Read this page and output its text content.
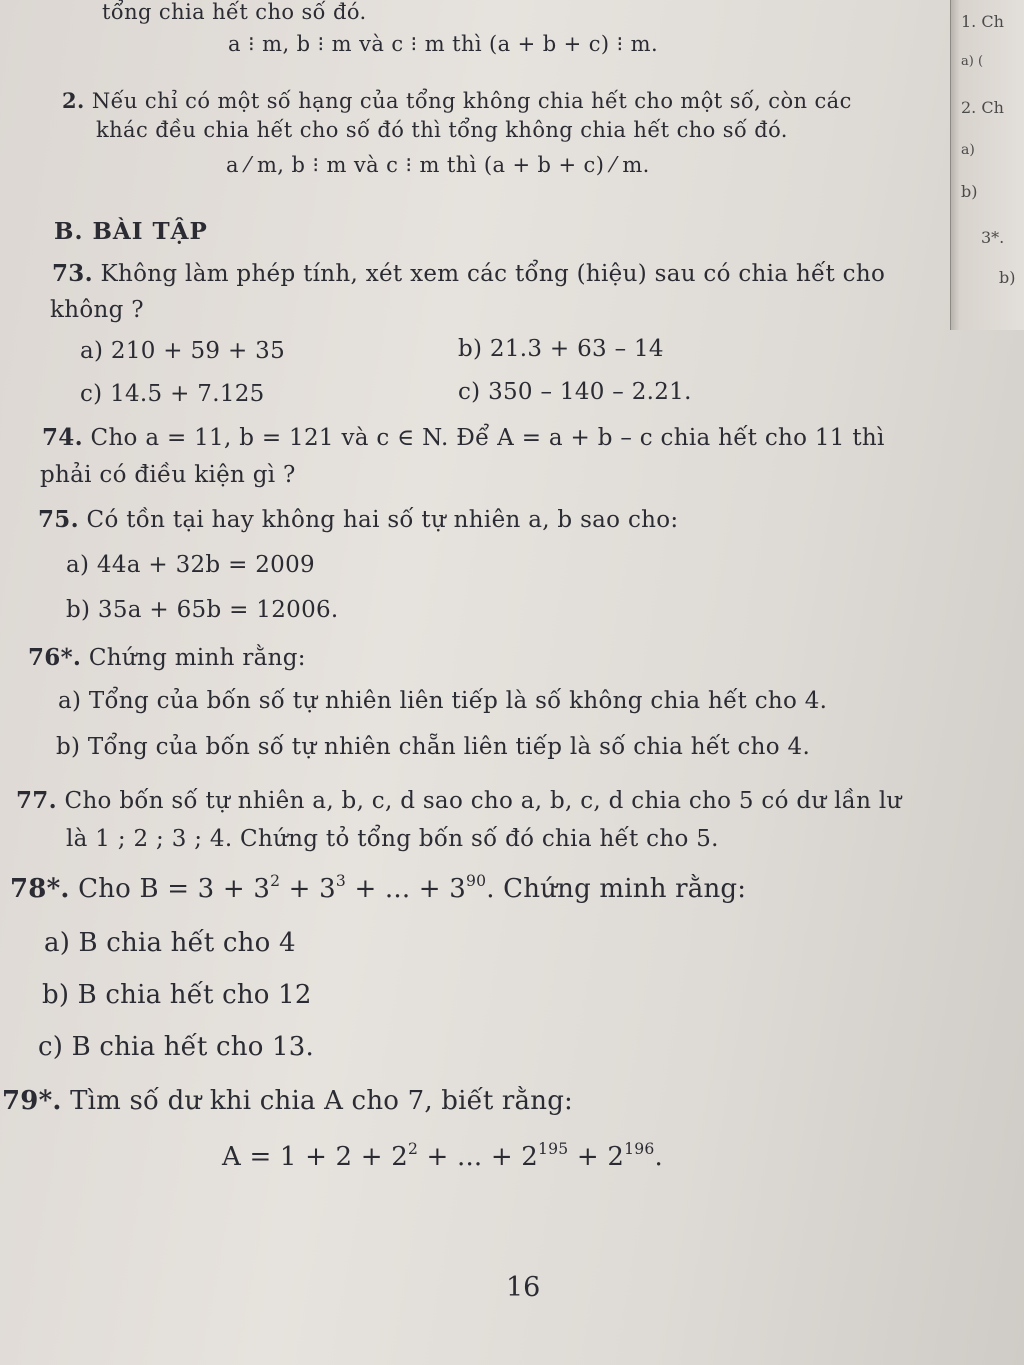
1. Ch
a) (
2. Ch
a)
b)
3*.
b)
tổng chia hết cho số đó.
a ⁝ m, b ⁝ m và c ⁝ m thì (a + b + c) ⁝ m.
2. Nếu chỉ có một số hạng của tổng không chia hết cho một số, còn các
khác đều chia hết cho số đó thì tổng không chia hết cho số đó.
a ⁄ m, b ⁝ m và c ⁝ m thì (a + b + c) ⁄ m.
B. BÀI TẬP
73. Không làm phép tính, xét xem các tổng (hiệu) sau có chia hết cho
không ?
a) 210 + 59 + 35	b) 21.3 + 63 – 14
c) 14.5 + 7.125	c) 350 – 140 – 2.21.
74. Cho a = 11, b = 121 và c ∈ N. Để A = a + b – c chia hết cho 11 thì
phải có điều kiện gì ?
75. Có tồn tại hay không hai số tự nhiên a, b sao cho:
a) 44a + 32b = 2009
b) 35a + 65b = 12006.
76*. Chứng minh rằng:
a) Tổng của bốn số tự nhiên liên tiếp là số không chia hết cho 4.
b) Tổng của bốn số tự nhiên chẵn liên tiếp là số chia hết cho 4.
77. Cho bốn số tự nhiên a, b, c, d sao cho a, b, c, d chia cho 5 có dư lần lư
là 1 ; 2 ; 3 ; 4. Chứng tỏ tổng bốn số đó chia hết cho 5.
78*. Cho $B = 3 + 3^2 + 3^3$ + ... + $3^{90}$. Chứng minh rằng:
a) B chia hết cho 4
b) B chia hết cho 12
c) B chia hết cho 13.
79*. Tìm số dư khi chia A cho 7, biết rằng:
$A = 1 + 2 + 2^2$ + ... + $2^{195} + 2^{196}$.
16
